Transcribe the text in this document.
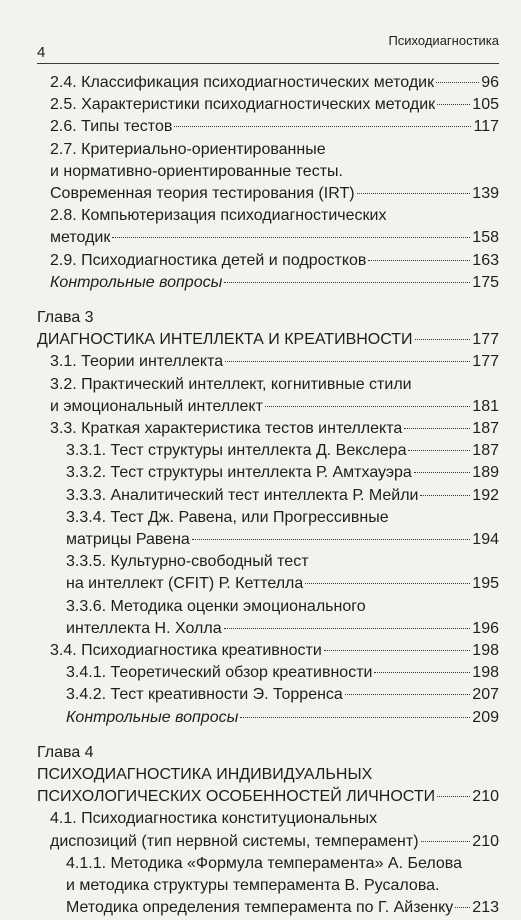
4
Психодиагностика
2.4. Классификация психодиагностических методик	96
2.5. Характеристики психодиагностических методик 105
2.6. Типы тестов	117
2.7. Критериально-ориентированные
и нормативно-ориентированные тесты.
Современная теория тестирования (IRT)	139
2.8. Компьютеризация психодиагностических
методик	158
2.9. Психодиагностика детей и подростков	163
Контрольные вопросы	175
Глава 3
ДИАГНОСТИКА ИНТЕЛЛЕКТА И КРЕАТИВНОСТИ	177
3.1. Теории интеллекта	177
3.2. Практический интеллект, когнитивные стили
и эмоциональный интеллект	181
3.3. Краткая характеристика тестов интеллекта	187
3.3.1. Тест структуры интеллекта Д. Векслера	187
3.3.2. Тест структуры интеллекта Р. Амтхауэра	189
3.3.3. Аналитический тест интеллекта Р. Мейли	192
3.3.4. Тест Дж. Равена, или Прогрессивные
матрицы Равена	194
3.3.5. Культурно-свободный тест
на интеллект (CFIT) Р. Кеттелла	195
3.3.6. Методика оценки эмоционального
интеллекта Н. Холла	196
3.4. Психодиагностика креативности	198
3.4.1. Теоретический обзор креативности	198
3.4.2. Тест креативности Э. Торренса	207
Контрольные вопросы	209
Глава 4
ПСИХОДИАГНОСТИКА ИНДИВИДУАЛЬНЫХ
ПСИХОЛОГИЧЕСКИХ ОСОБЕННОСТЕЙ ЛИЧНОСТИ 210
4.1. Психодиагностика конституциональных
диспозиций (тип нервной системы, темперамент)	210
4.1.1. Методика «Формула темперамента» А. Белова
и методика структуры темперамента В. Русалова.
Методика определения темперамента по Г. Айзенку 213
